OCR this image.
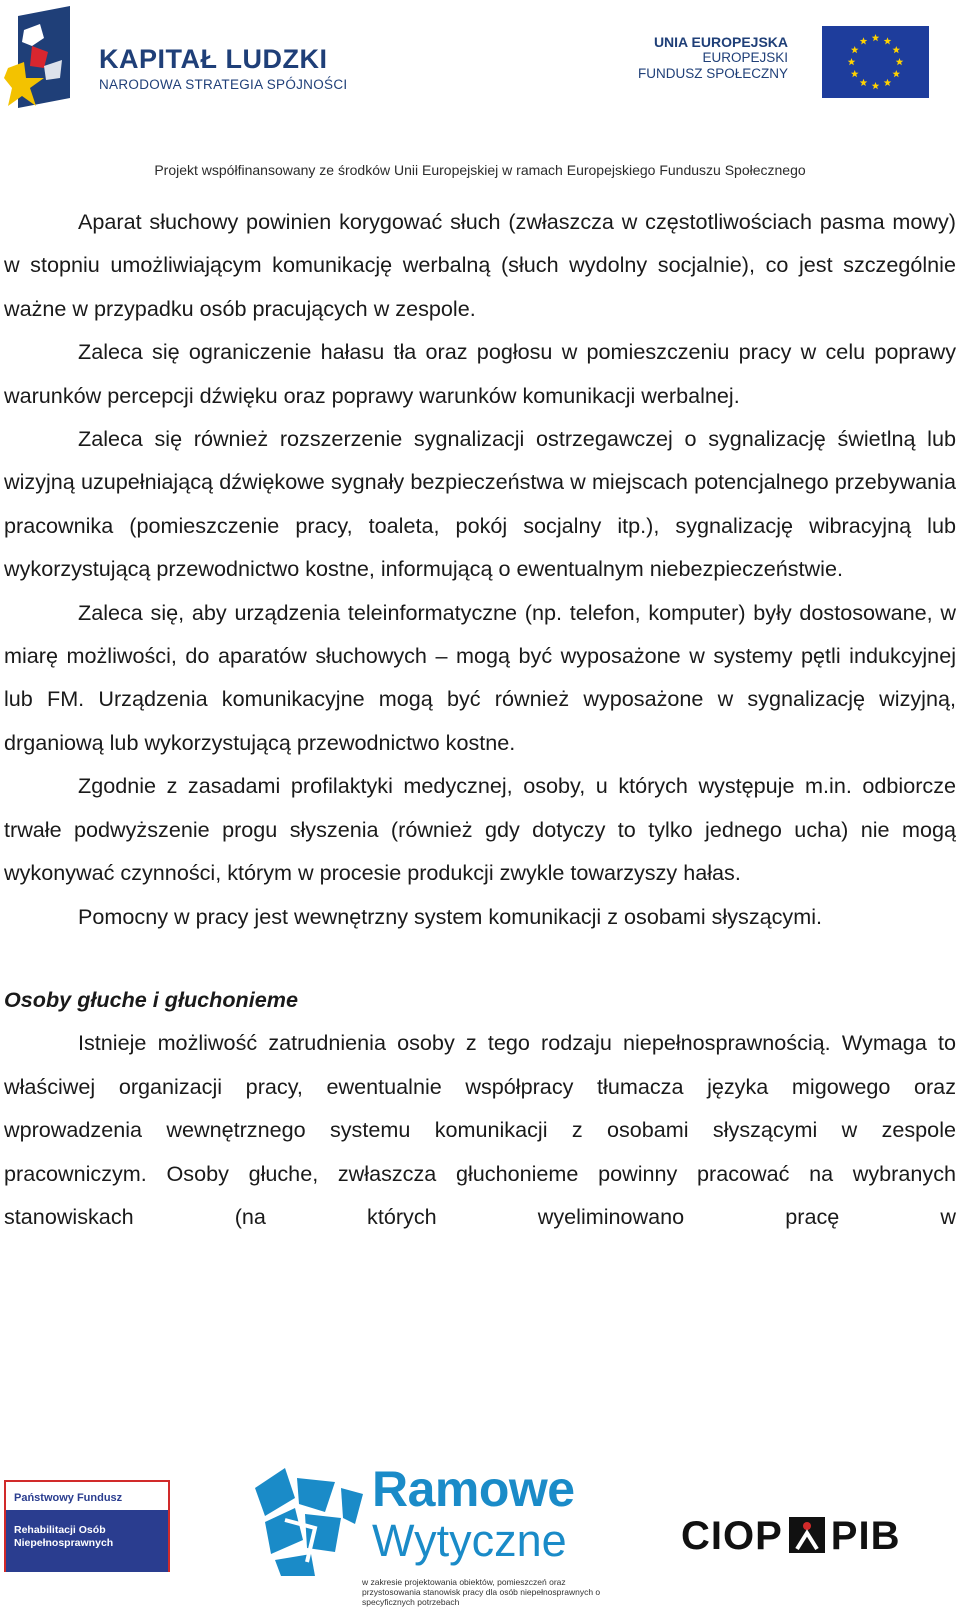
KAPITAŁ LUDZKI
NARODOWA STRATEGIA SPÓJNOŚCI
UNIA EUROPEJSKA
EUROPEJSKI
FUNDUSZ SPOŁECZNY
Projekt współfinansowany ze środków Unii Europejskiej w ramach Europejskiego Funduszu Społecznego

Aparat słuchowy powinien korygować słuch (zwłaszcza w częstotliwościach pasma mowy) w stopniu umożliwiającym komunikację werbalną (słuch wydolny socjalnie), co jest szczególnie ważne w przypadku osób pracujących w zespole.

Zaleca się ograniczenie hałasu tła oraz pogłosu w pomieszczeniu pracy w celu poprawy warunków percepcji dźwięku oraz poprawy warunków komunikacji werbalnej.

Zaleca się również rozszerzenie sygnalizacji ostrzegawczej o sygnalizację świetlną lub wizyjną uzupełniającą dźwiękowe sygnały bezpieczeństwa w miejscach potencjalnego przebywania pracownika (pomieszczenie pracy, toaleta, pokój socjalny itp.), sygnalizację wibracyjną lub wykorzystującą przewodnictwo kostne, informującą o ewentualnym niebezpieczeństwie.

Zaleca się, aby urządzenia teleinformatyczne (np. telefon, komputer) były dostosowane, w miarę możliwości, do aparatów słuchowych – mogą być wyposażone w systemy pętli indukcyjnej lub FM. Urządzenia komunikacyjne mogą być również wyposażone w sygnalizację wizyjną, drganiową lub wykorzystującą przewodnictwo kostne.

Zgodnie z zasadami profilaktyki medycznej, osoby, u których występuje m.in. odbiorcze trwałe podwyższenie progu słyszenia (również gdy dotyczy to tylko jednego ucha) nie mogą wykonywać czynności, którym w procesie produkcji zwykle towarzyszy hałas.

Pomocny w pracy jest wewnętrzny system komunikacji z osobami słyszącymi.

Osoby głuche i głuchonieme

Istnieje możliwość zatrudnienia osoby z tego rodzaju niepełnosprawnością. Wymaga to właściwej organizacji pracy, ewentualnie współpracy tłumacza języka migowego oraz wprowadzenia wewnętrznego systemu komunikacji z osobami słyszącymi w zespole pracowniczym. Osoby głuche, zwłaszcza głuchonieme powinny pracować na wybranych stanowiskach (na których wyeliminowano pracę w

Państwowy Fundusz
Rehabilitacji Osób
Niepełnosprawnych
Ramowe
Wytyczne
w zakresie projektowania obiektów, pomieszczeń oraz przystosowania stanowisk pracy dla osób niepełnosprawnych o specyficznych potrzebach
CIOP PIB
